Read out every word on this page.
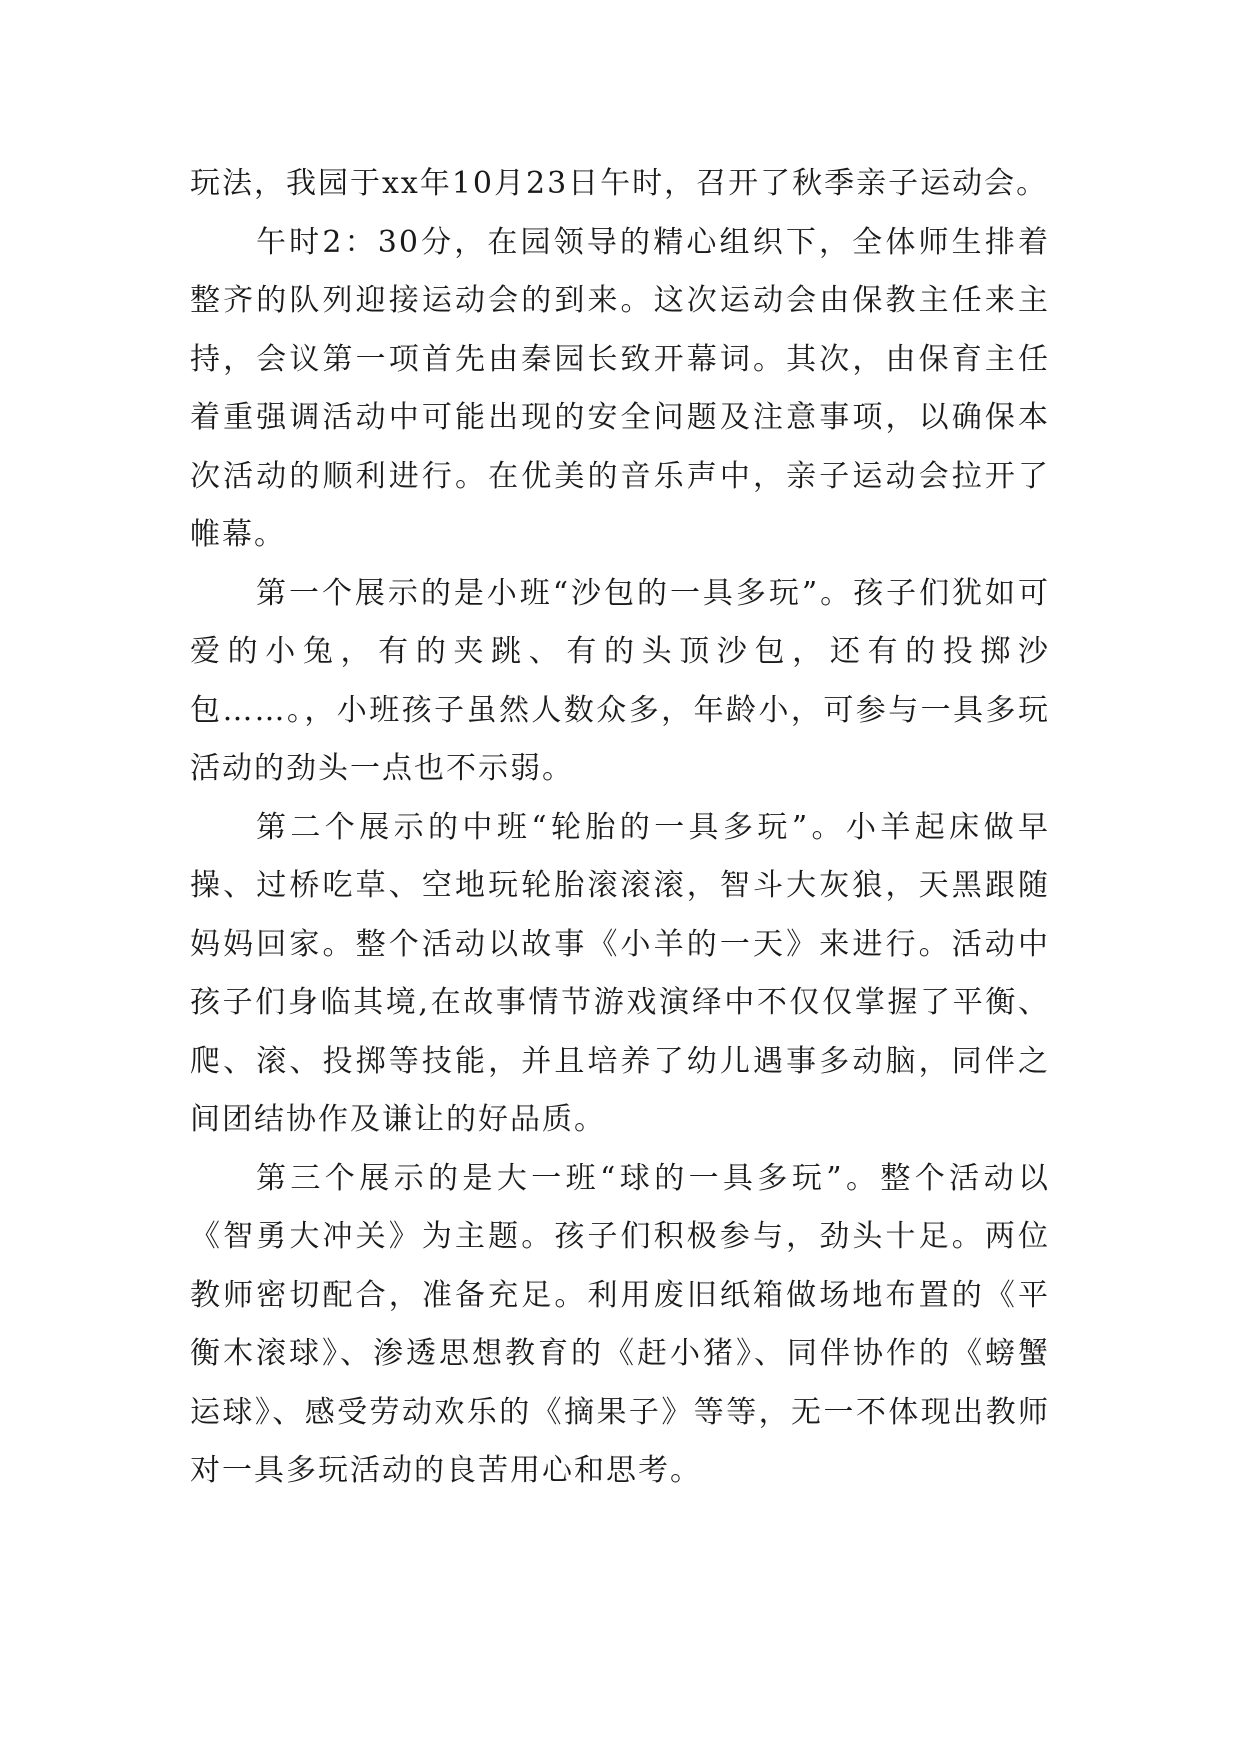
玩法，我园于xx年10月23日午时，召开了秋季亲子运动会。

午时2：30分，在园领导的精心组织下，全体师生排着整齐的队列迎接运动会的到来。这次运动会由保教主任来主持，会议第一项首先由秦园长致开幕词。其次，由保育主任着重强调活动中可能出现的安全问题及注意事项，以确保本次活动的顺利进行。在优美的音乐声中，亲子运动会拉开了帷幕。

第一个展示的是小班“沙包的一具多玩”。孩子们犹如可爱的小兔，有的夹跳、有的头顶沙包，还有的投掷沙包……。，小班孩子虽然人数众多，年龄小，可参与一具多玩活动的劲头一点也不示弱。

第二个展示的中班“轮胎的一具多玩”。小羊起床做早操、过桥吃草、空地玩轮胎滚滚滚，智斗大灰狼，天黑跟随妈妈回家。整个活动以故事《小羊的一天》来进行。活动中孩子们身临其境,在故事情节游戏演绎中不仅仅掌握了平衡、爬、滚、投掷等技能，并且培养了幼儿遇事多动脑，同伴之间团结协作及谦让的好品质。

第三个展示的是大一班“球的一具多玩”。整个活动以《智勇大冲关》为主题。孩子们积极参与，劲头十足。两位教师密切配合，准备充足。利用废旧纸箱做场地布置的《平衡木滚球》、渗透思想教育的《赶小猪》、同伴协作的《螃蟹运球》、感受劳动欢乐的《摘果子》等等，无一不体现出教师对一具多玩活动的良苦用心和思考。
